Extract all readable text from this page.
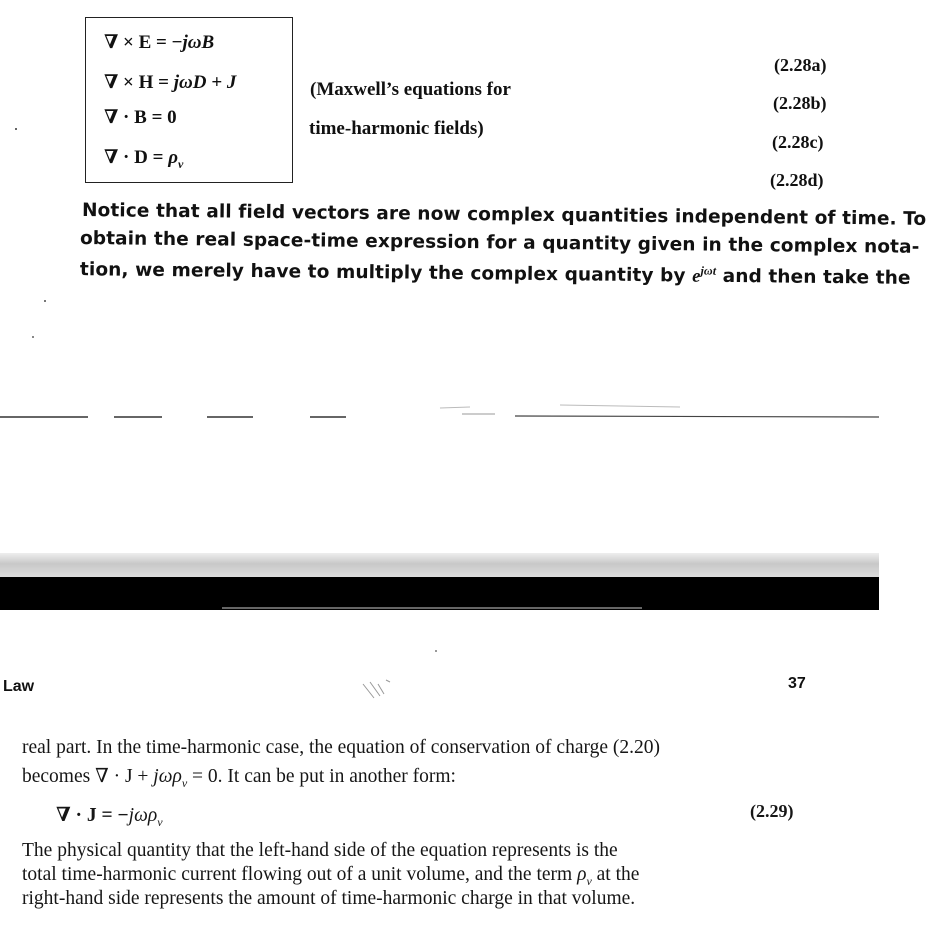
∇ × E = −jωB
∇ × H = jωD + J
∇ · B = 0
∇ · $D = \rho_v$
(Maxwell’s equations for
time-harmonic fields)
(2.28a)
(2.28b)
(2.28c)
(2.28d)
Notice that all field vectors are now complex quantities independent of time. To
obtain the real space-time expression for a quantity given in the complex nota-
tion, we merely have to multiply the complex quantity by $e^{j\omega t}$ and then take the
Law	37
real part. In the time-harmonic case, the equation of conservation of charge (2.20)
becomes ∇ · J + jωρ$_v$ = 0. It can be put in another form:
∇ · J = −jωρ$_v$
(2.29)
The physical quantity that the left-hand side of the equation represents is the
total time-harmonic current flowing out of a unit volume, and the term $\rho_v$ at the
right-hand side represents the amount of time-harmonic charge in that volume.
